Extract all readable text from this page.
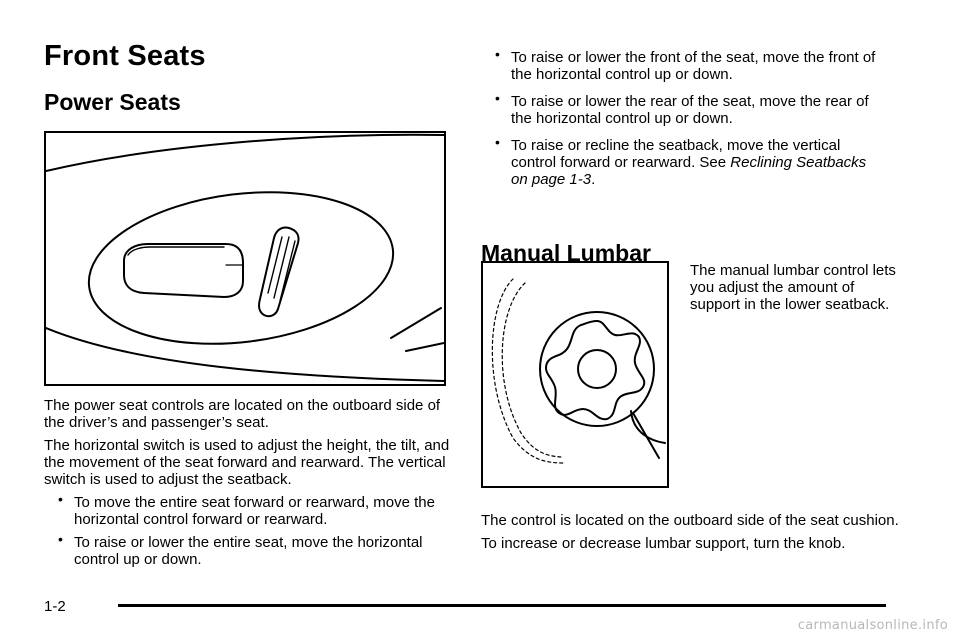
Front Seats
Power Seats

The power seat controls are located on the outboard side of the driver’s and passenger’s seat.

The horizontal switch is used to adjust the height, the tilt, and the movement of the seat forward and rearward. The vertical switch is used to adjust the seatback.

• To move the entire seat forward or rearward, move the horizontal control forward or rearward.
• To raise or lower the entire seat, move the horizontal control up or down.
• To raise or lower the front of the seat, move the front of the horizontal control up or down.
• To raise or lower the rear of the seat, move the rear of the horizontal control up or down.
• To raise or recline the seatback, move the vertical control forward or rearward. See Reclining Seatbacks on page 1-3.
Manual Lumbar

The manual lumbar control lets you adjust the amount of support in the lower seatback.

The control is located on the outboard side of the seat cushion.

To increase or decrease lumbar support, turn the knob.

1-2
carmanualsonline.info
